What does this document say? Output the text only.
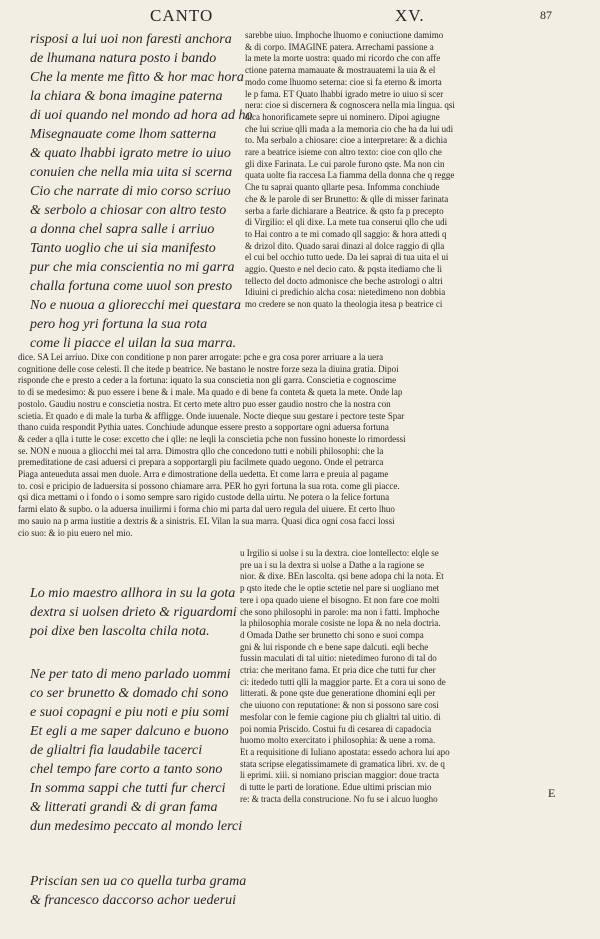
CANTO	XV.	87
risposi a lui uoi non faresti anchora
de lhumana natura posto i bando
Che la mente me fitto & hor mac hora
la chiara & bona imagine paterna
di uoi quando nel mondo ad hora ad ho
Misegnauate come lhom satterna
& quato lhabbi igrato metre io uiuo
conuien che nella mia uita si scerna
Cio che narrate di mio corso scriuo
& serbolo a chiosar con altro testo
a donna chel sapra salle i arriuo
Tanto uoglio che ui sia manifesto
pur che mia conscientia no mi garra
challa fortuna come uuol son presto
No e nuoua a gliorecchi mei questara
pero hog yri fortuna la sua rota
come li piacce el uilan la sua marra.
sarebbe uiuo. Imphoche lhuomo e coniuctione damimo
& di corpo. IMAGINE patera. Arrechami passione a
la mete la morte uostra: quado mi ricordo che con affe
ctione paterna mamauate & mostrauatemi la uia & el
modo come lhuomo seterna: cioe si fa eterno & imorta
le p fama. ET Quato lhabbi igrado metre io uiuo si scer
nera: cioe si discernera & cognoscera nella mia lingua. qsi
dica honorificamete sepre ui nominero. Dipoi agiugne
che lui scriue qlli mada a la memoria cio che ha da lui udi
to. Ma serbalo a chiosare: cioe a interpretare: & a dichia
rare a beatrice isieme con altro texto: cioe con qllo che
gli dixe Farinata. Le cui parole furono qste. Ma non cin
quata uolte fia raccesa La fiamma della donna che q regge
Che tu saprai quanto qllarte pesa. Infomma conchiude
che & le parole di ser Brunetto: & qlle di misser farinata
serba a farle dichiarare a Beatrice. & qsto fa p precepto
di Virgilio: el qli dixe. La mete tua conserui qllo che udi
to Hai contro a te mi comado qll saggio: & hora attedi q
& drizol dito. Quado sarai dinazi al dolce raggio di qlla
el cui bel occhio tutto uede. Da lei saprai di tua uita el ui
aggio. Questo e nel decio cato. & pqsta itediamo che li
tellecto del docto admonisce che beche astrologi o altri
Idiuini ci predichio alcha cosa: nietedimeno non dobbia
mo credere se non quato la theologia itesa p beatrice ci
dice. SA Lei arriuo. Dixe con conditione p non parer arrogate: pche e gra cosa porer arriuare a la uera
cognitione delle cose celesti. Il che itede p beatrice. Ne bastano le nostre forze seza la diuina gratia. Dipoi
risponde che e presto a ceder a la fortuna: iquato la sua conscietia non gli garra. Conscietia e cognoscime
to di se medesimo: & puo essere i bene & i male. Ma quado e di bene fa conteta & queta la mete. Onde lap
postolo. Gaudiu nostru e conscietia nostra. Et certo mete altro puo esser gaudio nostro che la nostra con
scietia. Et quado e di male la turba & affligge. Onde iuuenale. Nocte dieque suu gestare i pectore teste Spar
thano cuida respondit Pythia uates. Conchiude adunque essere presto a sopportare ogni aduersa fortuna
& ceder a qlla i tutte le cose: excetto che i qlle: ne leqli la conscietia pche non fussino honeste lo rimordessi
se. NON e nuoua a gliocchi mei tal arra. Dimostra qllo che concedono tutti e nobili philosophi: che la
premeditatione de casi aduersi ci prepara a sopportargli piu facilmete quado uegono. Onde el petrarca
Piaga anteueduta assai men duole. Arra e dimostratione della uedetta. Et come larra e preuia al pagame
to. cosi e pricipio de laduersita si possono chiamare arra. PER ho gyri fortuna la sua rota. come gli piacce.
qsi dica mettami o i fondo o i somo sempre saro rigido custode della uirtu. Ne potera o la felice fortuna
farmi elato & supbo. o la aduersa inuilirmi i forma chio mi parta dal uero regula del uiuere. Et certo lhuo
mo sauio na p arma iustitie a dextris & a sinistris. EL Vilan la sua marra. Quasi dica ogni cosa facci lossi
cio suo: & io piu euero nel mio.
Lo mio maestro allhora in su la gota
dextra si uolsen drieto & riguardomi
poi dixe ben lascolta chila nota.
Ne per tato di meno parlado uommi
co ser brunetto & domado chi sono
e suoi copagni e piu noti e piu somi
Et egli a me saper dalcuno e buono
de glialtri fia laudabile tacerci
chel tempo fare corto a tanto sono
In somma sappi che tutti fur cherci
& litterati grandi & di gran fama
dun medesimo peccato al mondo lerci
Priscian sen ua co quella turba grama
& francesco daccorso achor uederui
u Irgilio si uolse i su la dextra. cioe lontellecto: elqle se
pre ua i su la dextra si uolse a Dathe a la ragione se
nior. & dixe. BEn lascolta. qsi bene adopa chi la nota. Et
p qsto itede che le optie sctetie nel pare si uogliano met
tere i opa quado uiene el bisogno. Et non fare coe molti
che sono philosophi in parole: ma non i fatti. Imphoche
la philosophia morale cosiste ne lopa & no nela doctria.
d Omada Dathe ser brunetto chi sono e suoi compa
gni & lui risponde ch e bene sape dalcuti. eqli beche
fussin maculati di tal uitio: nietedimeo furono di tal do
ctria: che meritano fama. Et pria dice che tutti fur cher
ci: itededo tutti qlli la maggior parte. Et a cora ui sono de
litterati. & pone qste due generatione dhomini eqli per
che uiuono con reputatione: & non si possono sare cosi
mesfolar con le femie cagione piu ch glialtri tal uitio. di
poi nomia Priscido. Costui fu di cesarea di capadocia
huomo molto exercitato i philosophia: & uene a roma.
Et a requisitione di Iuliano apostata: essedo achora lui apo
stata scripse elegatissimamete di gramatica libri. xv. de q
li eprimi. xiii. si nomiano priscian maggior: doue tracta
di tutte le parti de loratione. Edue ultimi priscian mio
re: & tracta della construcione. No fu se i alcuo luogho	E
